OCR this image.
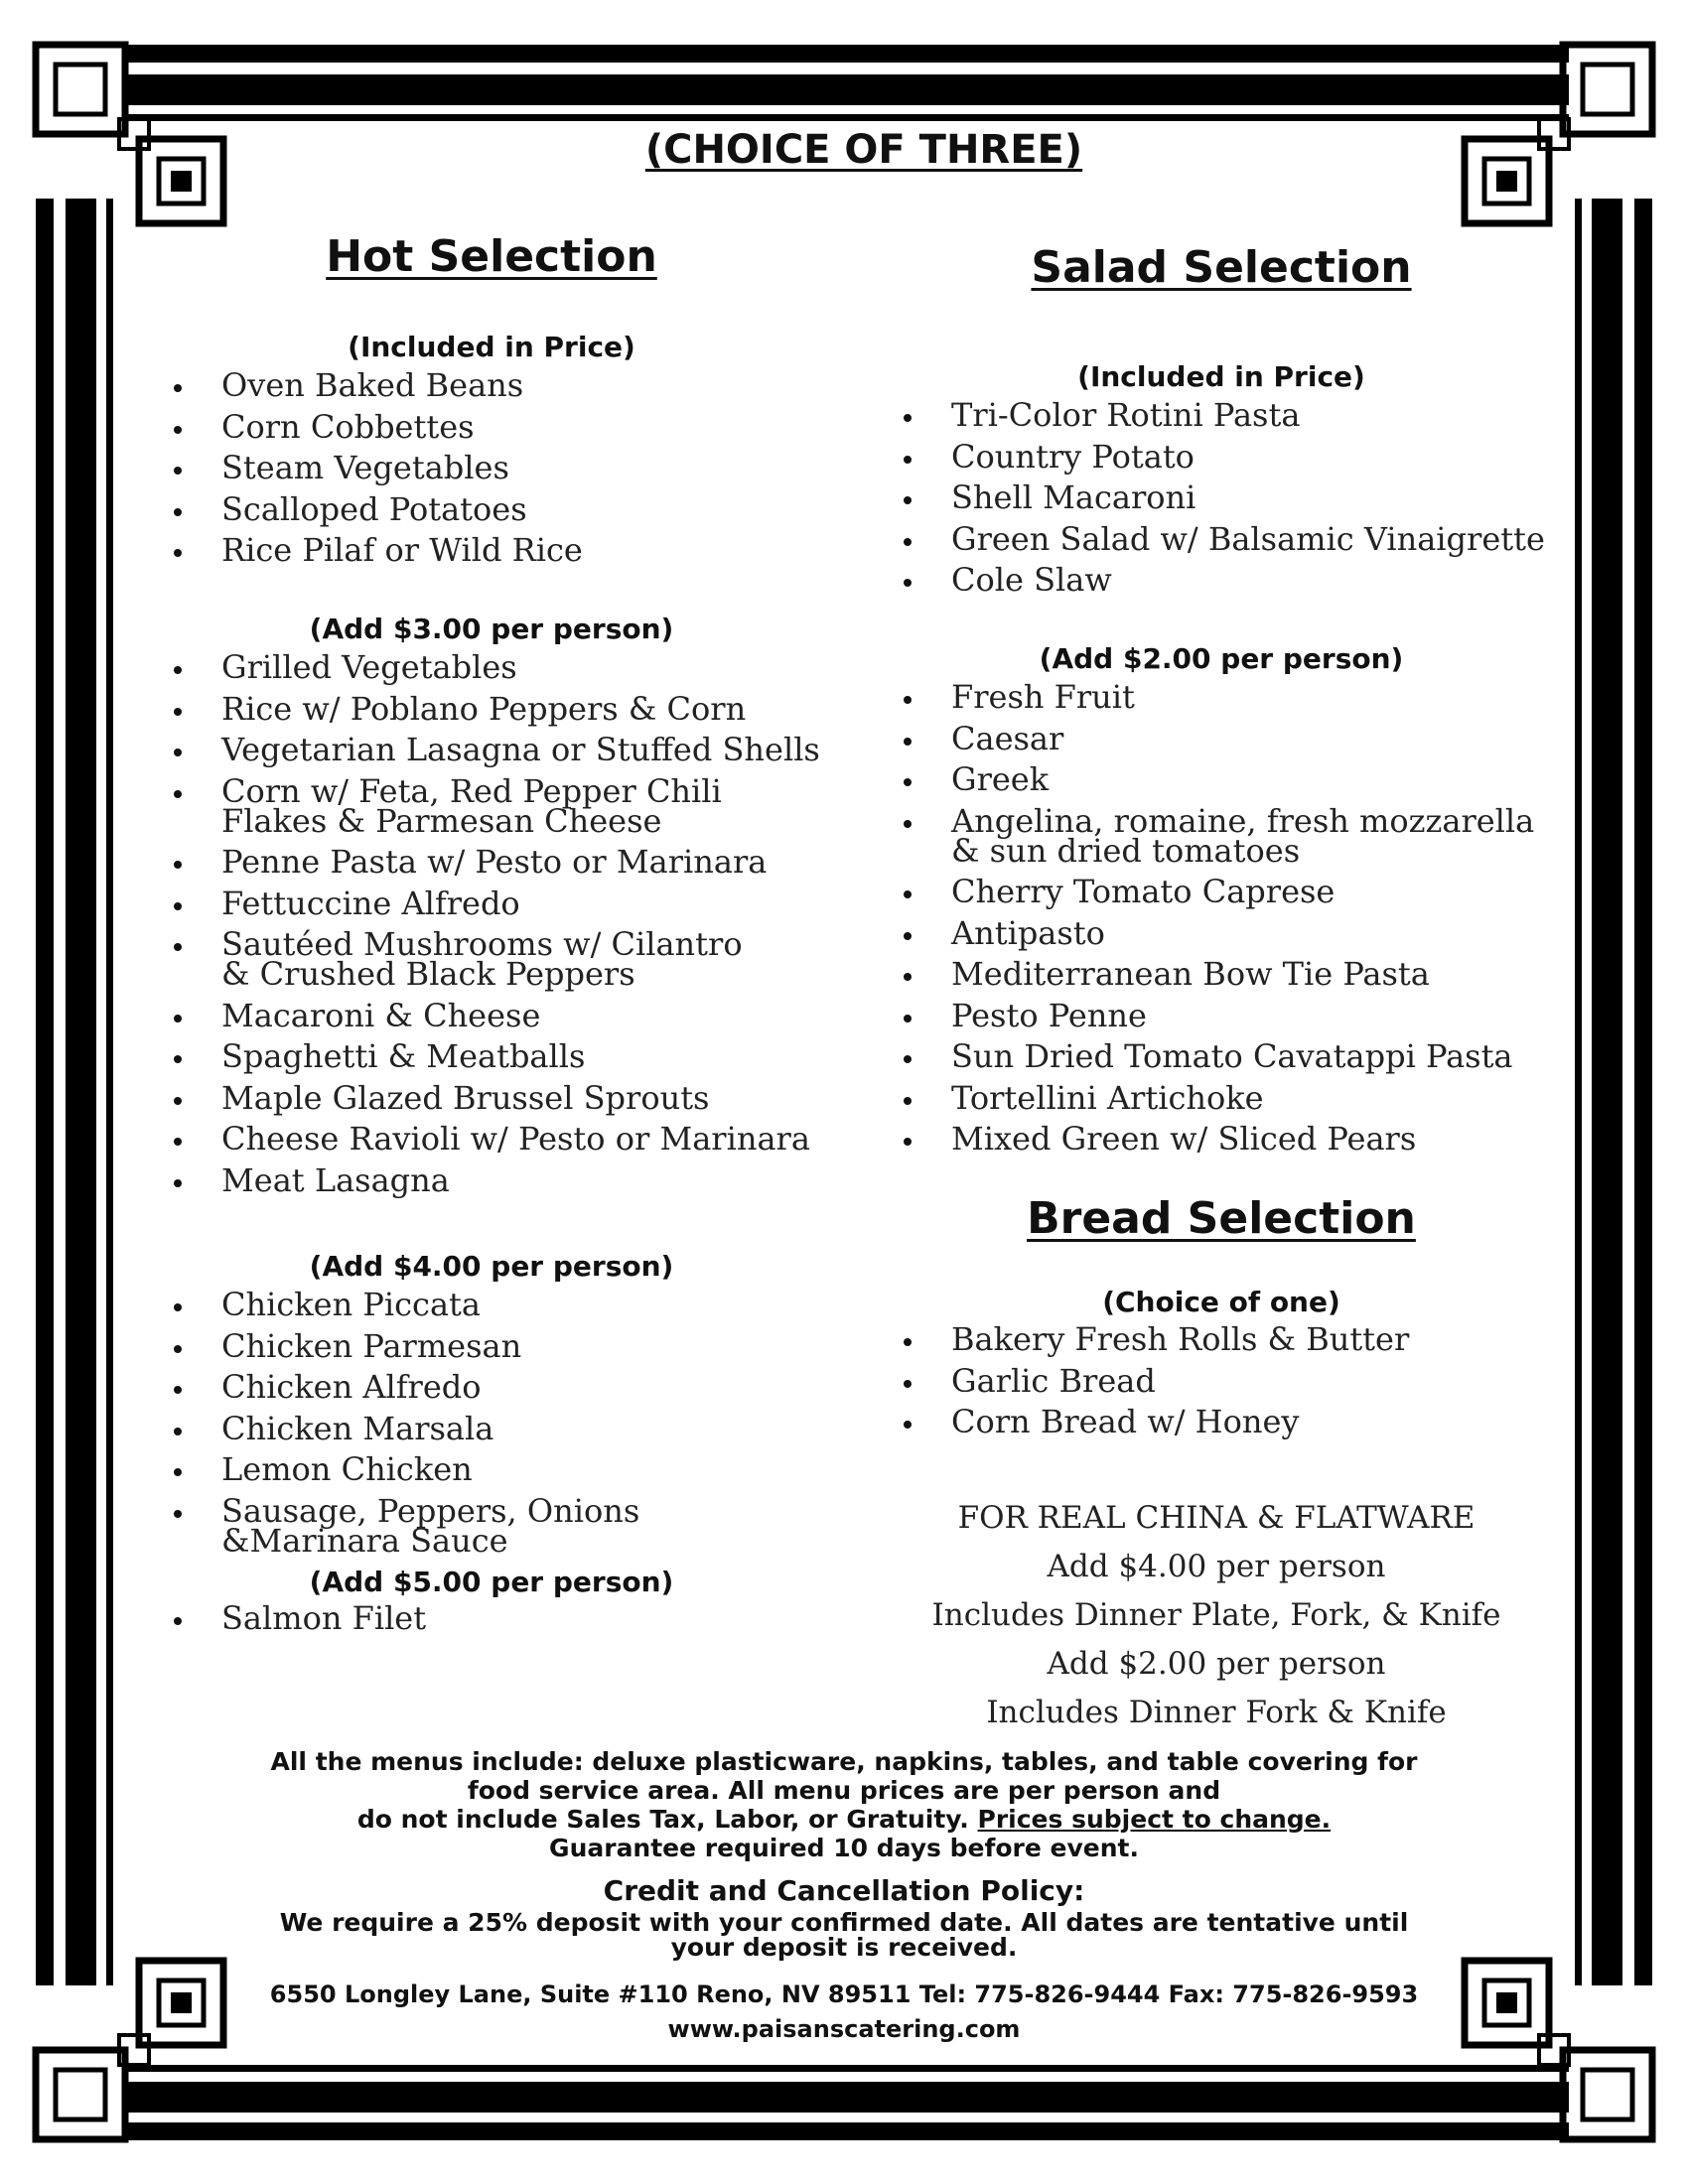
(CHOICE OF THREE)
Hot Selection
(Included in Price)
Oven Baked Beans
Corn Cobbettes
Steam Vegetables
Scalloped Potatoes
Rice Pilaf or Wild Rice
(Add $3.00 per person)
Grilled Vegetables
Rice w/ Poblano Peppers & Corn
Vegetarian Lasagna or Stuffed Shells
Corn w/ Feta, Red Pepper Chili
Flakes & Parmesan Cheese
Penne Pasta w/ Pesto or Marinara
Fettuccine Alfredo
Sautéed Mushrooms w/ Cilantro
& Crushed Black Peppers
Macaroni & Cheese
Spaghetti & Meatballs
Maple Glazed Brussel Sprouts
Cheese Ravioli w/ Pesto or Marinara
Meat Lasagna
(Add $4.00 per person)
Chicken Piccata
Chicken Parmesan
Chicken Alfredo
Chicken Marsala
Lemon Chicken
Sausage, Peppers, Onions
&Marinara Sauce
(Add $5.00 per person)
Salmon Filet
Salad Selection
(Included in Price)
Tri-Color Rotini Pasta
Country Potato
Shell Macaroni
Green Salad w/ Balsamic Vinaigrette
Cole Slaw
(Add $2.00 per person)
Fresh Fruit
Caesar
Greek
Angelina, romaine, fresh mozzarella
& sun dried tomatoes
Cherry Tomato Caprese
Antipasto
Mediterranean Bow Tie Pasta
Pesto Penne
Sun Dried Tomato Cavatappi Pasta
Tortellini Artichoke
Mixed Green w/ Sliced Pears
Bread Selection
(Choice of one)
Bakery Fresh Rolls & Butter
Garlic Bread
Corn Bread w/ Honey
FOR REAL CHINA & FLATWARE
Add $4.00 per person
Includes Dinner Plate, Fork, & Knife
Add $2.00 per person
Includes Dinner Fork & Knife
All the menus include: deluxe plasticware, napkins, tables, and table covering for
food service area. All menu prices are per person and
do not include Sales Tax, Labor, or Gratuity. Prices subject to change.
Guarantee required 10 days before event.
Credit and Cancellation Policy:
We require a 25% deposit with your confirmed date. All dates are tentative until
your deposit is received.
6550 Longley Lane, Suite #110 Reno, NV 89511 Tel: 775-826-9444 Fax: 775-826-9593
www.paisanscatering.com
